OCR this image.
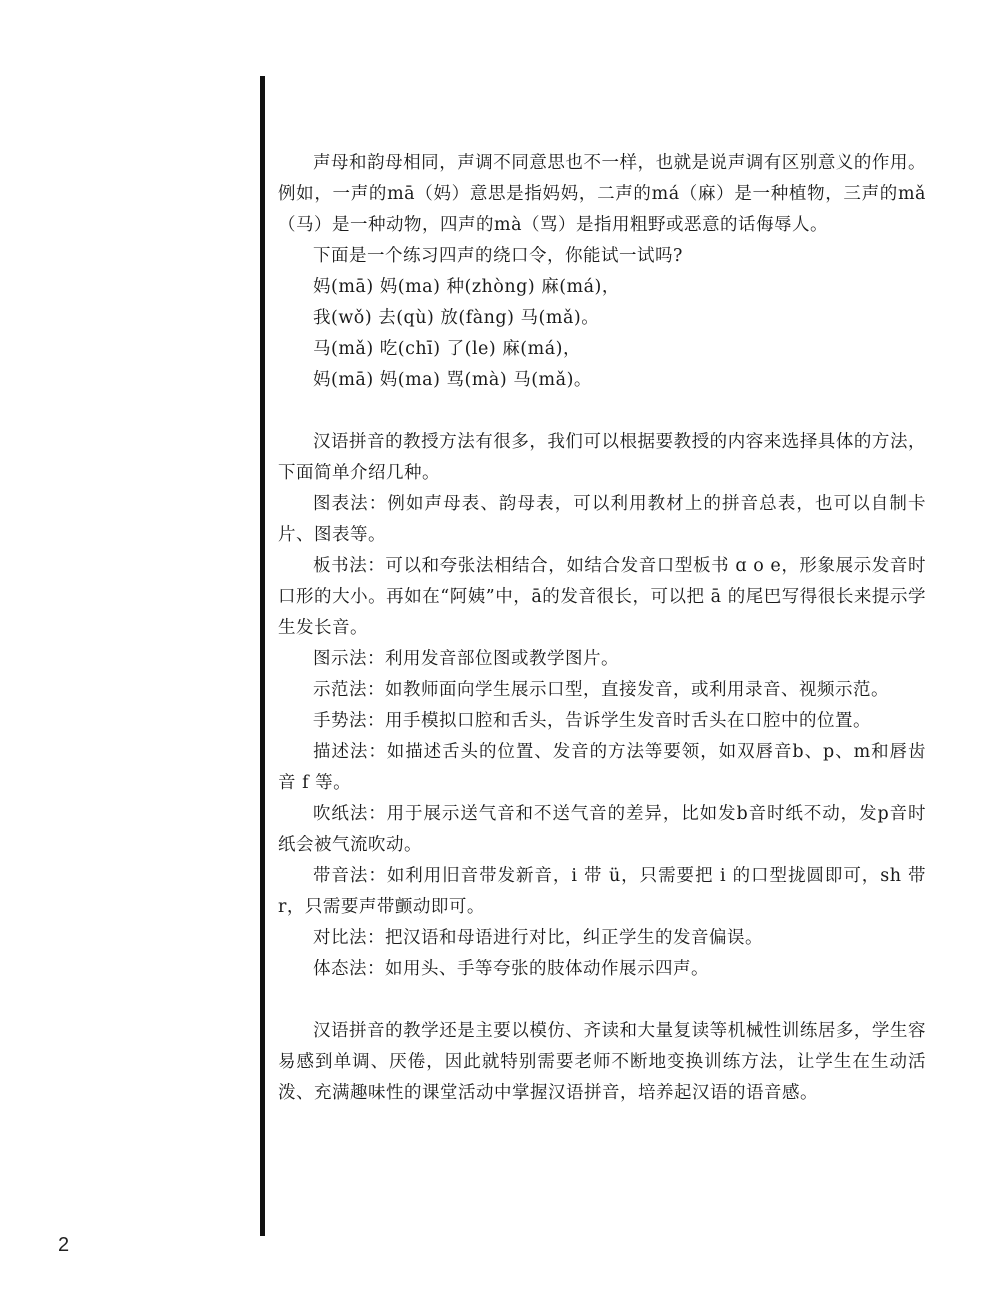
声母和韵母相同，声调不同意思也不一样，也就是说声调有区别意义的作用。例如，一声的mā（妈）意思是指妈妈，二声的má（麻）是一种植物，三声的mǎ（马）是一种动物，四声的mà（骂）是指用粗野或恶意的话侮辱人。

下面是一个练习四声的绕口令，你能试一试吗?

妈(mā) 妈(ma) 种(zhòng) 麻(má)，

我(wǒ) 去(qù) 放(fàng) 马(mǎ)。

马(mǎ) 吃(chī) 了(le) 麻(má)，

妈(mā) 妈(ma) 骂(mà) 马(mǎ)。

汉语拼音的教授方法有很多，我们可以根据要教授的内容来选择具体的方法，下面简单介绍几种。

图表法：例如声母表、韵母表，可以利用教材上的拼音总表，也可以自制卡片、图表等。

板书法：可以和夸张法相结合，如结合发音口型板书 ɑ o e，形象展示发音时口形的大小。再如在“阿姨”中，ā的发音很长，可以把 ā 的尾巴写得很长来提示学生发长音。

图示法：利用发音部位图或教学图片。

示范法：如教师面向学生展示口型，直接发音，或利用录音、视频示范。

手势法：用手模拟口腔和舌头，告诉学生发音时舌头在口腔中的位置。

描述法：如描述舌头的位置、发音的方法等要领，如双唇音b、p、m和唇齿音 f 等。

吹纸法：用于展示送气音和不送气音的差异，比如发b音时纸不动，发p音时纸会被气流吹动。

带音法：如利用旧音带发新音，i 带 ü，只需要把 i 的口型拢圆即可，sh 带r，只需要声带颤动即可。

对比法：把汉语和母语进行对比，纠正学生的发音偏误。

体态法：如用头、手等夸张的肢体动作展示四声。

汉语拼音的教学还是主要以模仿、齐读和大量复读等机械性训练居多，学生容易感到单调、厌倦，因此就特别需要老师不断地变换训练方法，让学生在生动活泼、充满趣味性的课堂活动中掌握汉语拼音，培养起汉语的语音感。

2
